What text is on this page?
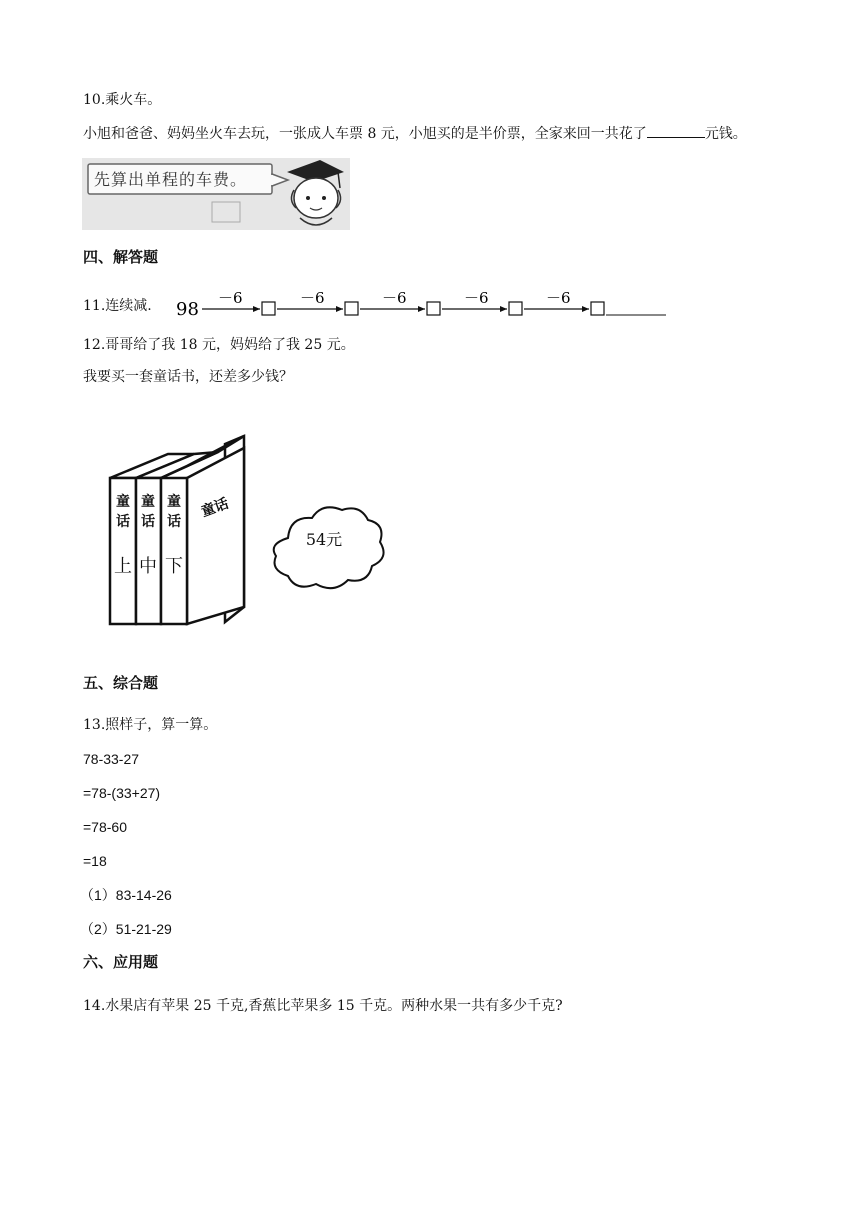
10.乘火车。
小旭和爸爸、妈妈坐火车去玩，一张成人车票 8 元，小旭买的是半价票，全家来回一共花了	元钱。
先算出单程的车费。
四、解答题
11.连续减. 98
－6	－6	－6	－6	－6
12.哥哥给了我 18 元，妈妈给了我 25 元。
我要买一套童话书，还差多少钱？
童
话
童
话
童
话
上 中 下
童话
54元
五、综合题
13.照样子，算一算。
78-33-27
=78-(33+27)
=78-60
=18
（1）83-14-26
（2）51-21-29
六、应用题
14.水果店有苹果 25 千克,香蕉比苹果多 15 千克。两种水果一共有多少千克?
